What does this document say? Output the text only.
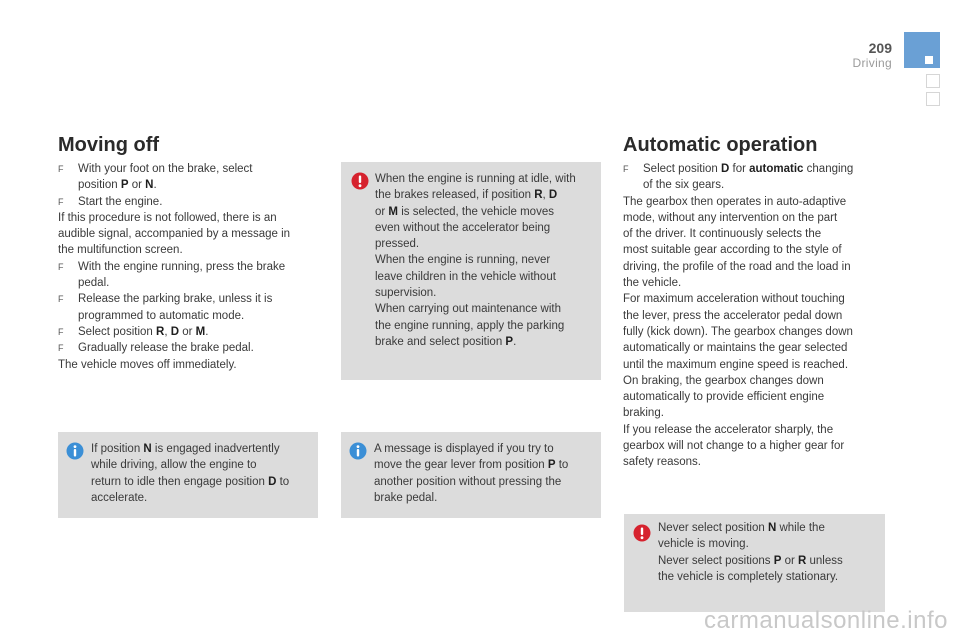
209
Driving
Moving off
F With your foot on the brake, select

position P or N.

F Start the engine.

If this procedure is not followed, there is an

audible signal, accompanied by a message in

the multifunction screen.

F With the engine running, press the brake

pedal.

F Release the parking brake, unless it is

programmed to automatic mode.

F Select position R, D or M.

F Gradually release the brake pedal.

The vehicle moves off immediately.

When the engine is running at idle, with

the brakes released, if position R, D

or M is selected, the vehicle moves

even without the accelerator being

pressed.

When the engine is running, never

leave children in the vehicle without

supervision.

When carrying out maintenance with

the engine running, apply the parking

brake and select position P.

If position N is engaged inadvertently

while driving, allow the engine to

return to idle then engage position D to

accelerate.

A message is displayed if you try to

move the gear lever from position P to

another position without pressing the

brake pedal.

Automatic operation
F Select position D for automatic changing

of the six gears.

The gearbox then operates in auto-adaptive

mode, without any intervention on the part

of the driver. It continuously selects the

most suitable gear according to the style of

driving, the profile of the road and the load in

the vehicle.

For maximum acceleration without touching

the lever, press the accelerator pedal down

fully (kick down). The gearbox changes down

automatically or maintains the gear selected

until the maximum engine speed is reached.

On braking, the gearbox changes down

automatically to provide efficient engine

braking.

If you release the accelerator sharply, the

gearbox will not change to a higher gear for

safety reasons.

Never select position N while the

vehicle is moving.

Never select positions P or R unless

the vehicle is completely stationary.

carmanualsonline.info
